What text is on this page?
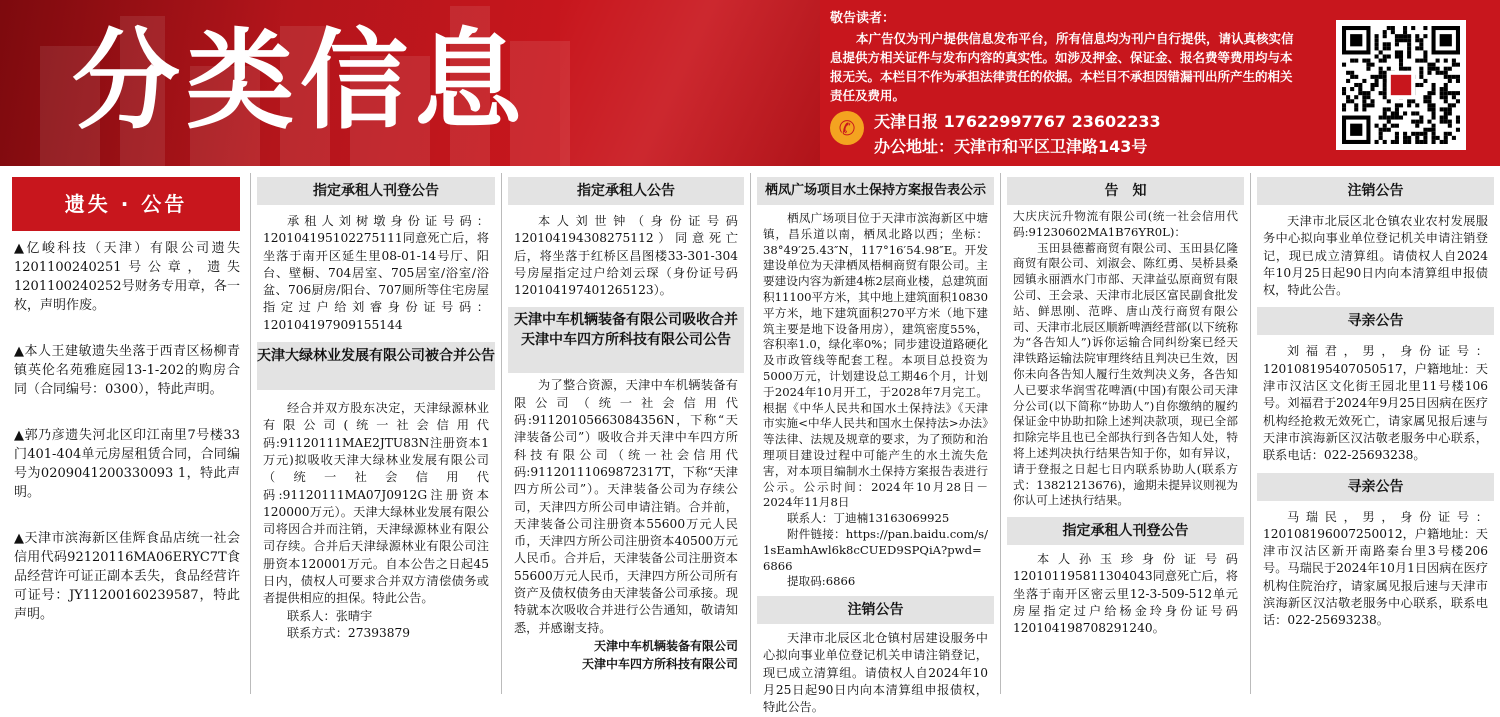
分类信息
敬告读者：
本广告仅为刊户提供信息发布平台，所有信息均为刊户自行提供，请认真核实信息提供方相关证件与发布内容的真实性。如涉及押金、保证金、报名费等费用均与本报无关。本栏目不作为承担法律责任的依据。本栏目不承担因错漏刊出所产生的相关责任及费用。
✆	天津日报 17622997767 23602233
办公地址：天津市和平区卫津路143号
遗失 · 公告
▲亿峻科技（天津）有限公司遗失1201100240251号公章，遗失1201100240252号财务专用章，各一枚，声明作废。
▲本人王建敏遗失坐落于西青区杨柳青镇英伦名苑雅庭园13-1-202的购房合同（合同编号：0300），特此声明。
▲郭乃彦遗失河北区印江南里7号楼33门401-404单元房屋租赁合同，合同编号为0209041200330093 1，特此声明。
▲天津市滨海新区佳辉食品店统一社会信用代码92120116MA06ERYC7T食品经营许可证正副本丢失，食品经营许可证号：JY11200160239587，特此声明。
指定承租人刊登公告
承租人刘树墩身份证号码：120104195102275111同意死亡后，将坐落于南开区延生里08-01-14号厅、阳台、壁橱、704居室、705居室/浴室/浴盆、706厨房/阳台、707厕所等住宅房屋指定过户给刘睿身份证号码：120104197909155144
天津大绿林业发展有限公司被合并公告
经合并双方股东决定，天津绿源林业有限公司(统一社会信用代码:91120111MAE2JTU83N注册资本1万元)拟吸收天津大绿林业发展有限公司（统一社会信用代码:91120111MA07J0912G注册资本120000万元）。天津大绿林业发展有限公司将因合并而注销，天津绿源林业有限公司存续。合并后天津绿源林业有限公司注册资本120001万元。自本公告之日起45日内，债权人可要求合并双方清偿债务或者提供相应的担保。特此公告。
联系人：张晴宇
联系方式：27393879
指定承租人公告
本人刘世钟（身份证号码120104194308275112）同意死亡后，将坐落于红桥区昌图楼33-301-304号房屋指定过户给刘云琛（身份证号码120104197401265123）。
天津中车机辆装备有限公司吸收合并天津中车四方所科技有限公司公告
为了整合资源，天津中车机辆装备有限公司（统一社会信用代码:91120105663084356N，下称“天津装备公司”）吸收合并天津中车四方所科技有限公司（统一社会信用代码:91120111069872317T，下称“天津四方所公司”）。天津装备公司为存续公司，天津四方所公司申请注销。合并前，天津装备公司注册资本55600万元人民币，天津四方所公司注册资本40500万元人民币。合并后，天津装备公司注册资本55600万元人民币，天津四方所公司所有资产及债权债务由天津装备公司承接。现特就本次吸收合并进行公告通知，敬请知悉，并感谢支持。
天津中车机辆装备有限公司
天津中车四方所科技有限公司
栖凤广场项目水土保持方案报告表公示
栖凤广场项目位于天津市滨海新区中塘镇，昌乐道以南，栖凤北路以西；坐标：38°49′25.43″N，117°16′54.98″E。开发建设单位为天津栖凤梧桐商贸有限公司。主要建设内容为新建4栋2层商业楼，总建筑面积11100平方米，其中地上建筑面积10830平方米，地下建筑面积270平方米（地下建筑主要是地下设备用房），建筑密度55%，容积率1.0，绿化率0%；同步建设道路硬化及市政管线等配套工程。本项目总投资为5000万元，计划建设总工期46个月，计划于2024年10月开工，于2028年7月完工。根据《中华人民共和国水土保持法》《天津市实施<中华人民共和国水土保持法>办法》等法律、法规及规章的要求，为了预防和治理项目建设过程中可能产生的水土流失危害，对本项目编制水土保持方案报告表进行公示。公示时间：2024年10月28日－2024年11月8日
联系人：丁迪楠13163069925
附件链接：https://pan.baidu.com/s/1sEamhAwl6k8cCUED9SPQiA?pwd=6866
提取码:6866
注销公告
天津市北辰区北仓镇村居建设服务中心拟向事业单位登记机关申请注销登记，现已成立清算组。请债权人自2024年10月25日起90日内向本清算组申报债权，特此公告。
告　知
大庆庆沅升物流有限公司(统一社会信用代码:91230602MA1B76YR0L)：
玉田县德蓄商贸有限公司、玉田县亿隆商贸有限公司、刘淑会、陈红勇、吴桥县桑园镇永丽酒水门市部、天津益弘原商贸有限公司、王会录、天津市北辰区富民副食批发站、鲜思刚、范晔、唐山茂行商贸有限公司、天津市北辰区顺新啤酒经营部(以下统称为“各告知人”)诉你运输合同纠纷案已经天津铁路运输法院审理终结且判决已生效，因你未向各告知人履行生效判决义务，各告知人已要求华润雪花啤酒(中国)有限公司天津分公司(以下简称“协助人”)自你缴纳的履约保证金中协助扣除上述判决款项，现已全部扣除完毕且也已全部执行到各告知人处，特将上述判决执行结果告知于你，如有异议，请于登报之日起七日内联系协助人(联系方式：13821213676)，逾期未提异议则视为你认可上述执行结果。
指定承租人刊登公告
本人孙玉珍身份证号码120101195811304043同意死亡后，将坐落于南开区密云里12-3-509-512单元房屋指定过户给杨金玲身份证号码120104198708291240。
注销公告
天津市北辰区北仓镇农业农村发展服务中心拟向事业单位登记机关申请注销登记，现已成立清算组。请债权人自2024年10月25日起90日内向本清算组申报债权，特此公告。
寻亲公告
刘福君，男，身份证号：120108195407050517，户籍地址：天津市汉沽区文化街王园北里11号楼106号。刘福君于2024年9月25日因病在医疗机构经抢救无效死亡，请家属见报后速与天津市滨海新区汉沽敬老服务中心联系，联系电话：022-25693238。
寻亲公告
马瑞民，男，身份证号：120108196007250012，户籍地址：天津市汉沽区新开南路秦台里3号楼206号。马瑞民于2024年10月1日因病在医疗机构住院治疗，请家属见报后速与天津市滨海新区汉沽敬老服务中心联系，联系电话：022-25693238。
